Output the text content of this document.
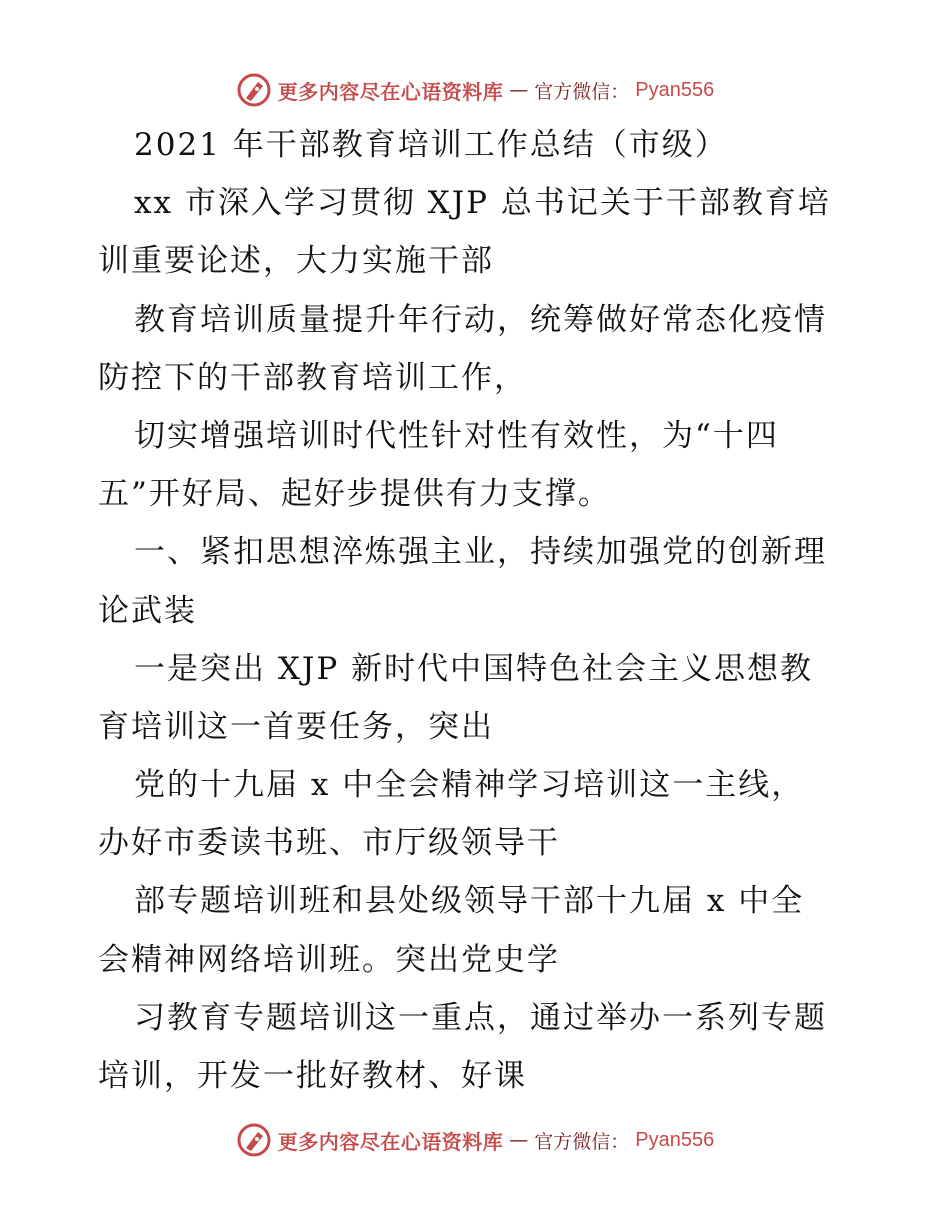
更多内容尽在心语资料库 — 官方微信： Pyan556
2021 年干部教育培训工作总结（市级）
xx 市深入学习贯彻 XJP 总书记关于干部教育培
训重要论述，大力实施干部
教育培训质量提升年行动，统筹做好常态化疫情
防控下的干部教育培训工作，
切实增强培训时代性针对性有效性，为“十四
五”开好局、起好步提供有力支撑。
一、紧扣思想淬炼强主业，持续加强党的创新理
论武装
一是突出 XJP 新时代中国特色社会主义思想教
育培训这一首要任务，突出
党的十九届 x 中全会精神学习培训这一主线，
办好市委读书班、市厅级领导干
部专题培训班和县处级领导干部十九届 x 中全
会精神网络培训班。突出党史学
习教育专题培训这一重点，通过举办一系列专题
培训，开发一批好教材、好课
更多内容尽在心语资料库 — 官方微信： Pyan556
